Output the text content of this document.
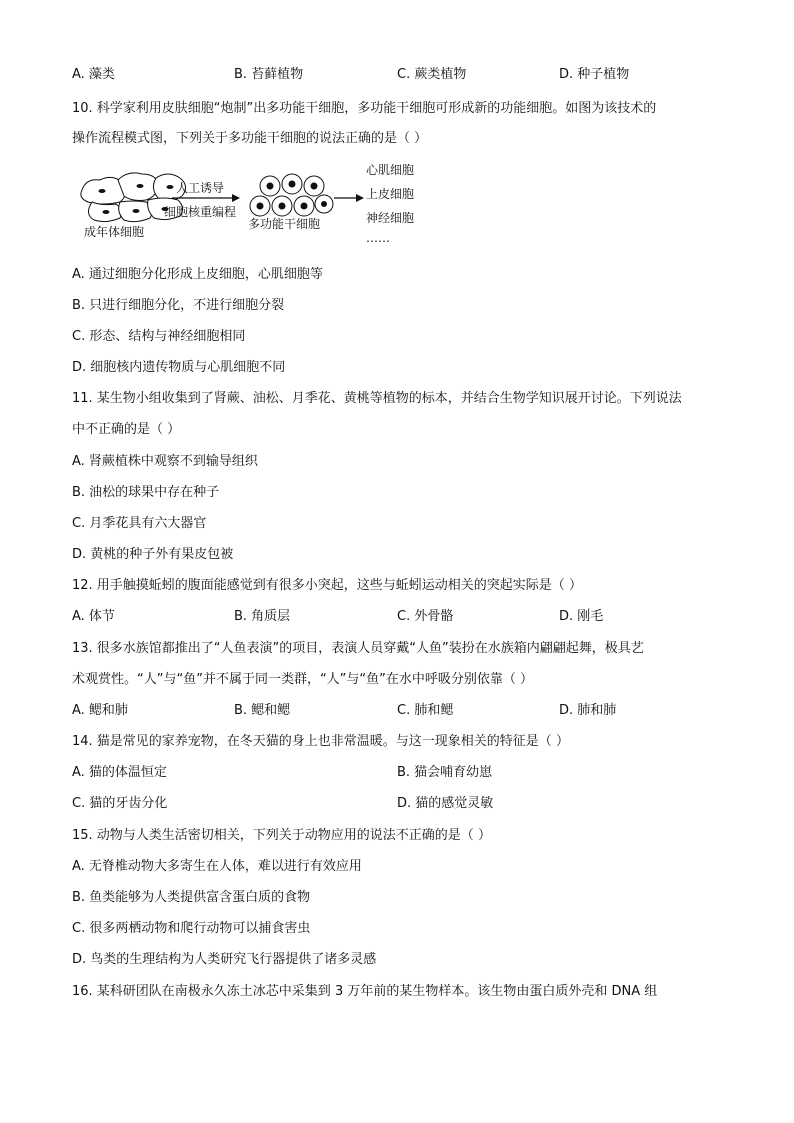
A. 藻类	B. 苔藓植物	C. 蕨类植物	D. 种子植物
10. 科学家利用皮肤细胞“炮制”出多功能干细胞，多功能干细胞可形成新的功能细胞。如图为该技术的
操作流程模式图，下列关于多功能干细胞的说法正确的是（ ）
成年体细胞
人工诱导
细胞核重编程
多功能干细胞
心肌细胞
上皮细胞
神经细胞
……
A. 通过细胞分化形成上皮细胞，心肌细胞等
B. 只进行细胞分化，不进行细胞分裂
C. 形态、结构与神经细胞相同
D. 细胞核内遗传物质与心肌细胞不同
11. 某生物小组收集到了肾蕨、油松、月季花、黄桃等植物的标本，并结合生物学知识展开讨论。下列说法
中不正确的是（ ）
A. 肾蕨植株中观察不到输导组织
B. 油松的球果中存在种子
C. 月季花具有六大器官
D. 黄桃的种子外有果皮包被
12. 用手触摸蚯蚓的腹面能感觉到有很多小突起，这些与蚯蚓运动相关的突起实际是（ ）
A. 体节	B. 角质层	C. 外骨骼	D. 刚毛
13. 很多水族馆都推出了“人鱼表演”的项目，表演人员穿戴“人鱼”装扮在水族箱内翩翩起舞，极具艺
术观赏性。“人”与“鱼”并不属于同一类群，“人”与“鱼”在水中呼吸分别依靠（ ）
A. 鳃和肺	B. 鳃和鳃	C. 肺和鳃	D. 肺和肺
14. 猫是常见的家养宠物，在冬天猫的身上也非常温暖。与这一现象相关的特征是（ ）
A. 猫的体温恒定	B. 猫会哺育幼崽
C. 猫的牙齿分化	D. 猫的感觉灵敏
15. 动物与人类生活密切相关，下列关于动物应用的说法不正确的是（ ）
A. 无脊椎动物大多寄生在人体，难以进行有效应用
B. 鱼类能够为人类提供富含蛋白质的食物
C. 很多两栖动物和爬行动物可以捕食害虫
D. 鸟类的生理结构为人类研究飞行器提供了诸多灵感
16. 某科研团队在南极永久冻土冰芯中采集到 3 万年前的某生物样本。该生物由蛋白质外壳和 DNA 组
